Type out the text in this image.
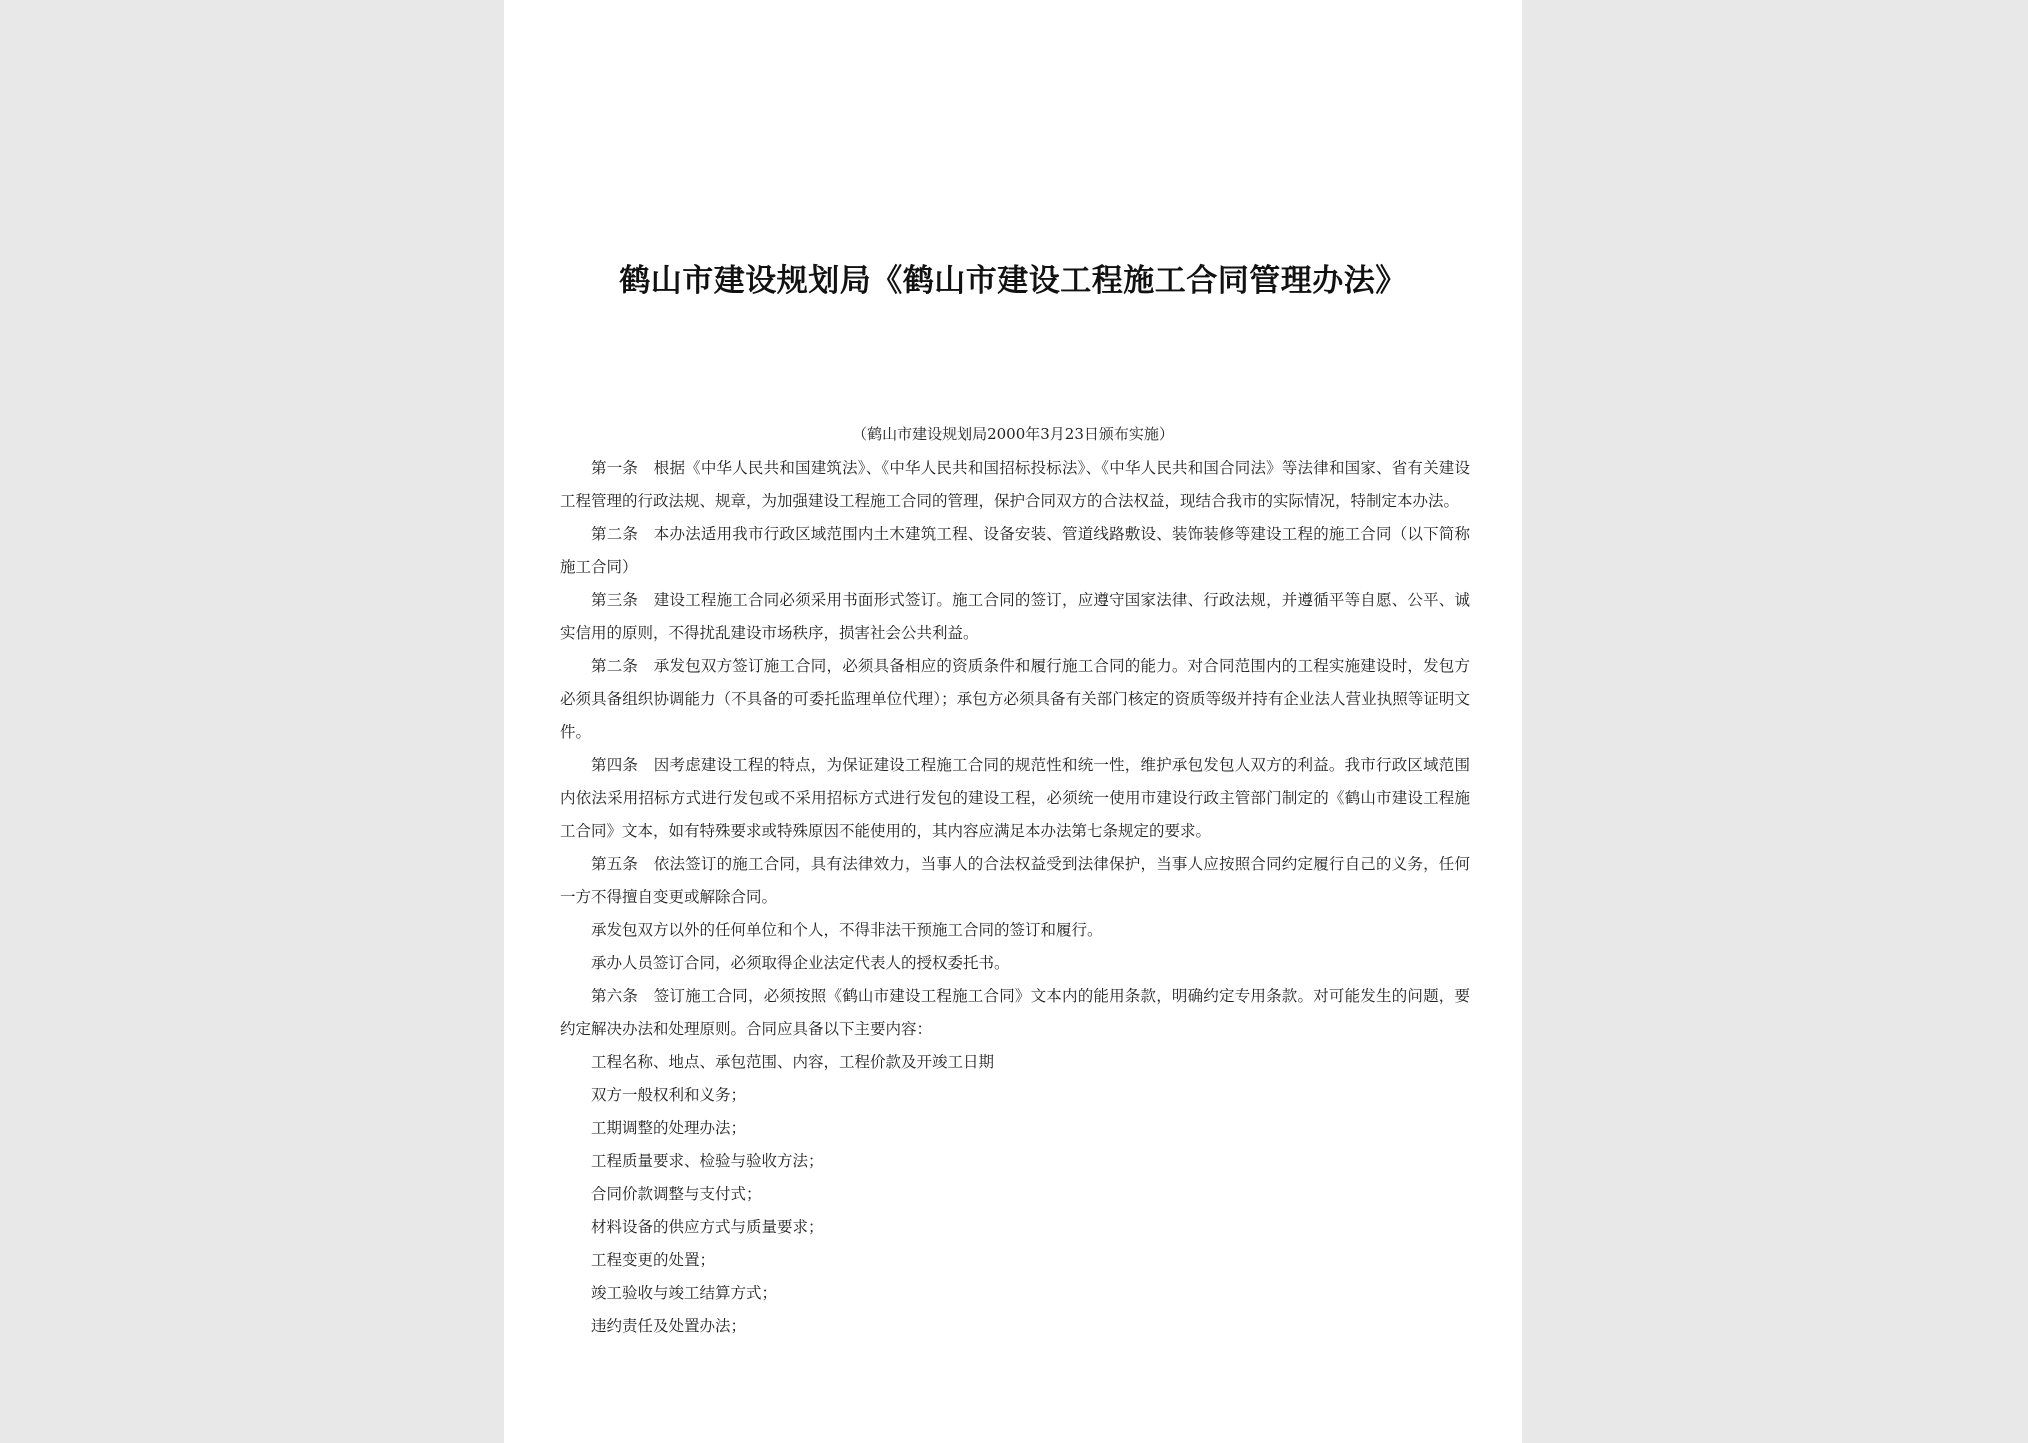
鹤山市建设规划局《鹤山市建设工程施工合同管理办法》
（鹤山市建设规划局2000年3月23日颁布实施）

第一条　根据《中华人民共和国建筑法》、《中华人民共和国招标投标法》、《中华人民共和国合同法》等法律和国家、省有关建设工程管理的行政法规、规章，为加强建设工程施工合同的管理，保护合同双方的合法权益，现结合我市的实际情况，特制定本办法。

第二条　本办法适用我市行政区域范围内土木建筑工程、设备安装、管道线路敷设、装饰装修等建设工程的施工合同（以下简称施工合同）

第三条　建设工程施工合同必须采用书面形式签订。施工合同的签订，应遵守国家法律、行政法规，并遵循平等自愿、公平、诚实信用的原则，不得扰乱建设市场秩序，损害社会公共利益。

第二条　承发包双方签订施工合同，必须具备相应的资质条件和履行施工合同的能力。对合同范围内的工程实施建设时，发包方必须具备组织协调能力（不具备的可委托监理单位代理）；承包方必须具备有关部门核定的资质等级并持有企业法人营业执照等证明文件。

第四条　因考虑建设工程的特点，为保证建设工程施工合同的规范性和统一性，维护承包发包人双方的利益。我市行政区域范围内依法采用招标方式进行发包或不采用招标方式进行发包的建设工程，必须统一使用市建设行政主管部门制定的《鹤山市建设工程施工合同》文本，如有特殊要求或特殊原因不能使用的，其内容应满足本办法第七条规定的要求。

第五条　依法签订的施工合同，具有法律效力，当事人的合法权益受到法律保护，当事人应按照合同约定履行自己的义务，任何一方不得擅自变更或解除合同。

承发包双方以外的任何单位和个人，不得非法干预施工合同的签订和履行。

承办人员签订合同，必须取得企业法定代表人的授权委托书。

第六条　签订施工合同，必须按照《鹤山市建设工程施工合同》文本内的能用条款，明确约定专用条款。对可能发生的问题，要约定解决办法和处理原则。合同应具备以下主要内容：

工程名称、地点、承包范围、内容，工程价款及开竣工日期

双方一般权利和义务；

工期调整的处理办法；

工程质量要求、检验与验收方法；

合同价款调整与支付式；

材料设备的供应方式与质量要求；

工程变更的处置；

竣工验收与竣工结算方式；

违约责任及处置办法；
